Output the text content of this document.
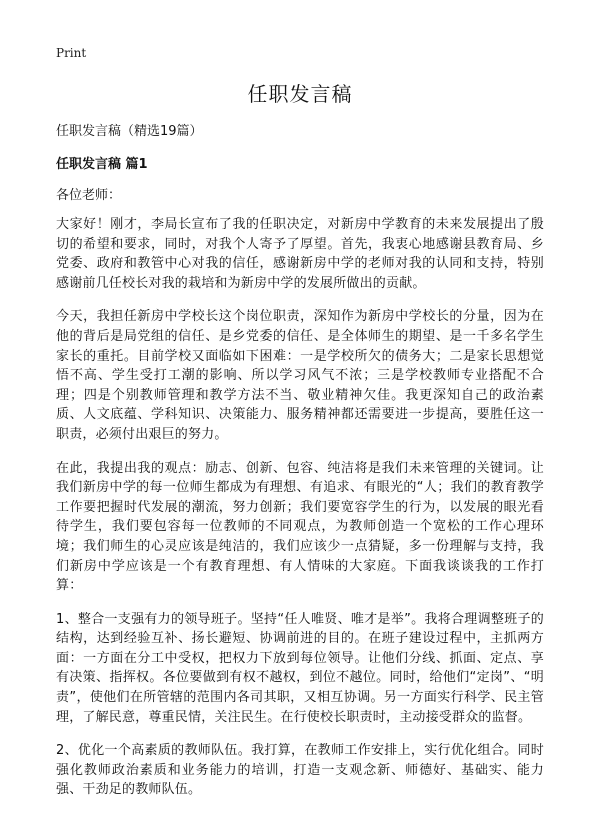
Print
任职发言稿

任职发言稿（精选19篇）

任职发言稿 篇1

各位老师：

大家好！刚才，李局长宣布了我的任职决定，对新房中学教育的未来发展提出了殷切的希望和要求，同时，对我个人寄予了厚望。首先，我衷心地感谢县教育局、乡党委、政府和教管中心对我的信任，感谢新房中学的老师对我的认同和支持，特别感谢前几任校长对我的栽培和为新房中学的发展所做出的贡献。

今天，我担任新房中学校长这个岗位职责，深知作为新房中学校长的分量，因为在他的背后是局党组的信任、是乡党委的信任、是全体师生的期望、是一千多名学生家长的重托。目前学校又面临如下困难：一是学校所欠的债务大；二是家长思想觉悟不高、学生受打工潮的影响、所以学习风气不浓；三是学校教师专业搭配不合理；四是个别教师管理和教学方法不当、敬业精神欠佳。我更深知自己的政治素质、人文底蕴、学科知识、决策能力、服务精神都还需要进一步提高，要胜任这一职责，必须付出艰巨的努力。

在此，我提出我的观点：励志、创新、包容、纯洁将是我们未来管理的关键词。让我们新房中学的每一位师生都成为有理想、有追求、有眼光的“人；我们的教育教学工作要把握时代发展的潮流，努力创新；我们要宽容学生的行为，以发展的眼光看待学生，我们要包容每一位教师的不同观点，为教师创造一个宽松的工作心理环境；我们师生的心灵应该是纯洁的，我们应该少一点猜疑，多一份理解与支持，我们新房中学应该是一个有教育理想、有人情味的大家庭。下面我谈谈我的工作打算：

1、整合一支强有力的领导班子。坚持“任人唯贤、唯才是举”。我将合理调整班子的结构，达到经验互补、扬长避短、协调前进的目的。在班子建设过程中，主抓两方面：一方面在分工中受权，把权力下放到每位领导。让他们分线、抓面、定点、享有决策、指挥权。各位要做到有权不越权，到位不越位。同时，给他们“定岗”、“明责”，使他们在所管辖的范围内各司其职，又相互协调。另一方面实行科学、民主管理，了解民意，尊重民情，关注民生。在行使校长职责时，主动接受群众的监督。

2、优化一个高素质的教师队伍。我打算，在教师工作安排上，实行优化组合。同时强化教师政治素质和业务能力的培训，打造一支观念新、师德好、基础实、能力强、干劲足的教师队伍。
